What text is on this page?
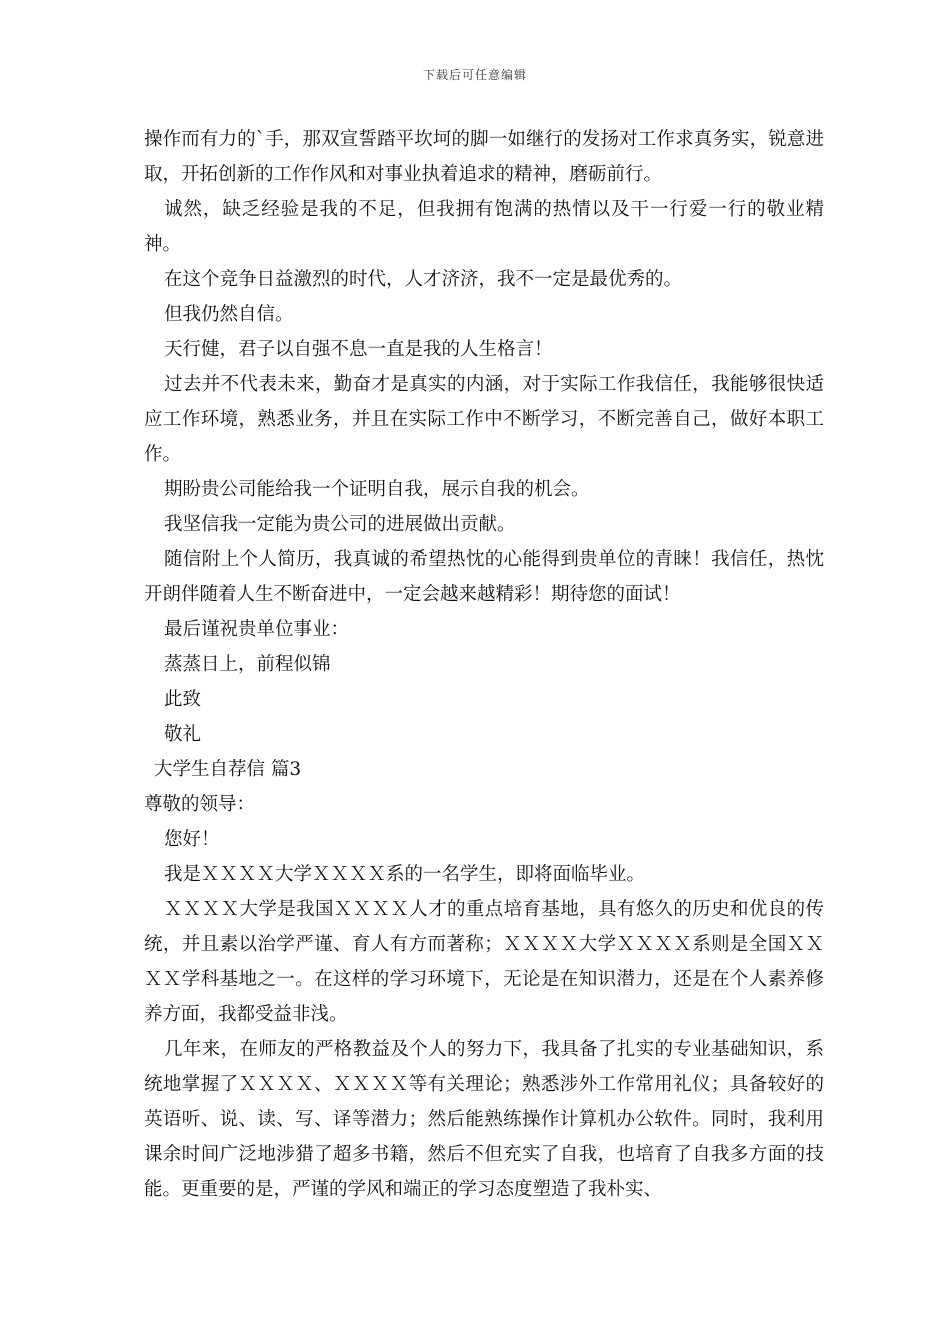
下载后可任意编辑

操作而有力的`手，那双宣誓踏平坎坷的脚一如继行的发扬对工作求真务实，锐意进取，开拓创新的工作作风和对事业执着追求的精神，磨砺前行。

诚然，缺乏经验是我的不足，但我拥有饱满的热情以及干一行爱一行的敬业精神。

在这个竞争日益激烈的时代，人才济济，我不一定是最优秀的。

但我仍然自信。

天行健，君子以自强不息一直是我的人生格言！

过去并不代表未来，勤奋才是真实的内涵，对于实际工作我信任，我能够很快适应工作环境，熟悉业务，并且在实际工作中不断学习，不断完善自己，做好本职工作。

期盼贵公司能给我一个证明自我，展示自我的机会。

我坚信我一定能为贵公司的进展做出贡献。

随信附上个人简历，我真诚的希望热忱的心能得到贵单位的青睐！我信任，热忱开朗伴随着人生不断奋进中，一定会越来越精彩！期待您的面试！

最后谨祝贵单位事业：

蒸蒸日上，前程似锦

此致

敬礼

大学生自荐信 篇3

尊敬的领导：

您好！

我是ＸＸＸＸ大学ＸＸＸＸ系的一名学生，即将面临毕业。

ＸＸＸＸ大学是我国ＸＸＸＸ人才的重点培育基地，具有悠久的历史和优良的传统，并且素以治学严谨、育人有方而著称；ＸＸＸＸ大学ＸＸＸＸ系则是全国ＸＸＸＸ学科基地之一。在这样的学习环境下，无论是在知识潜力，还是在个人素养修养方面，我都受益非浅。

几年来，在师友的严格教益及个人的努力下，我具备了扎实的专业基础知识，系统地掌握了ＸＸＸＸ、ＸＸＸＸ等有关理论；熟悉涉外工作常用礼仪；具备较好的英语听、说、读、写、译等潜力；然后能熟练操作计算机办公软件。同时，我利用课余时间广泛地涉猎了超多书籍，然后不但充实了自我，也培育了自我多方面的技能。更重要的是，严谨的学风和端正的学习态度塑造了我朴实、
